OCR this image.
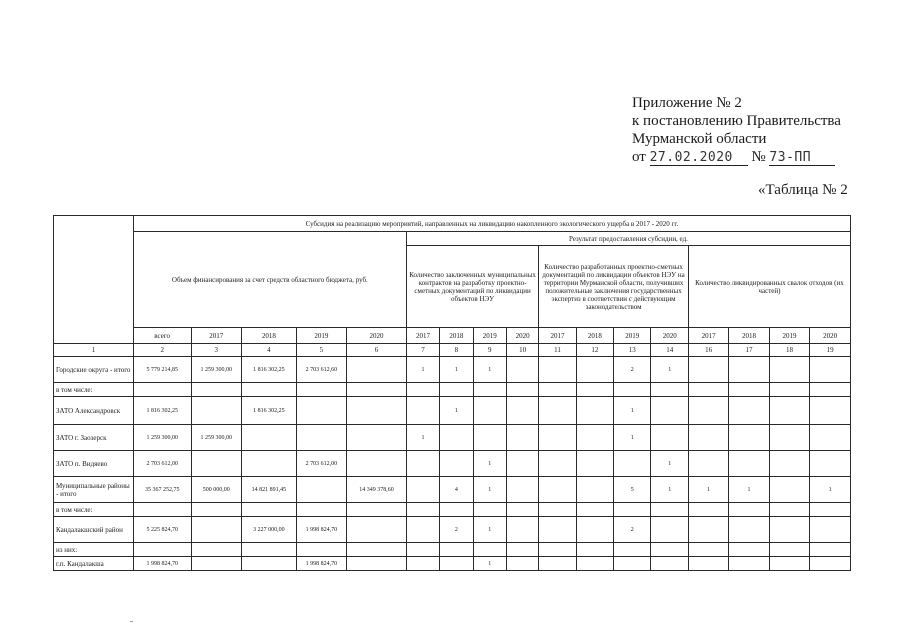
Приложение № 2
к постановлению Правительства
Мурманской области
от 27.02.2020 № 73-ПП
«Таблица № 2
	Субсидия на реализацию мероприятий, направленных на ликвидацию накопленного экологического ущерба в 2017 - 2020 гг.																
	Объем финансирования за счет средств областного бюджета, руб.					Результат предоставления субсидии, ед.											
						Количество заключенных муниципальных контрактов на разработку проектно-сметных документаций по ликвидации объектов НЭУ				Количество разработанных проектно-сметных документаций по ликвидации объектов НЭУ на территории Мурманской области, получивших положительные заключения государственных экспертиз в соответствии с действующим законодательством				Количество ликвидированных свалок отходов (их частей)			
	всего	2017	2018	2019	2020	2017	2018	2019	2020	2017	2018	2019	2020	2017	2018	2019	2020
1	2	3	4	5	6	7	8	9	10	11	12	13	14	16	17	18	19
Городские округа - итого	5 779 214,85	1 259 300,00	1 816 302,25	2 703 612,60		1	1	1				2	1				
в том числе:																	
ЗАТО Александровск	1 816 302,25		1 816 302,25				1					1					
ЗАТО г. Заозерск	1 259 300,00	1 259 300,00				1						1					
ЗАТО п. Видяево	2 703 612,00			2 703 612,00				1					1				
Муниципальные районы - итого	35 367 252,75	500 000,00	14 821 891,45		14 349 378,60		4	1				5	1	1	1		1
в том числе:																	
Кандалакшский район	5 225 824,70		3 227 000,00	1 998 824,70			2	1				2					
из них:																	
г.п. Кандалакша	1 998 824,70			1 998 824,70				1									
